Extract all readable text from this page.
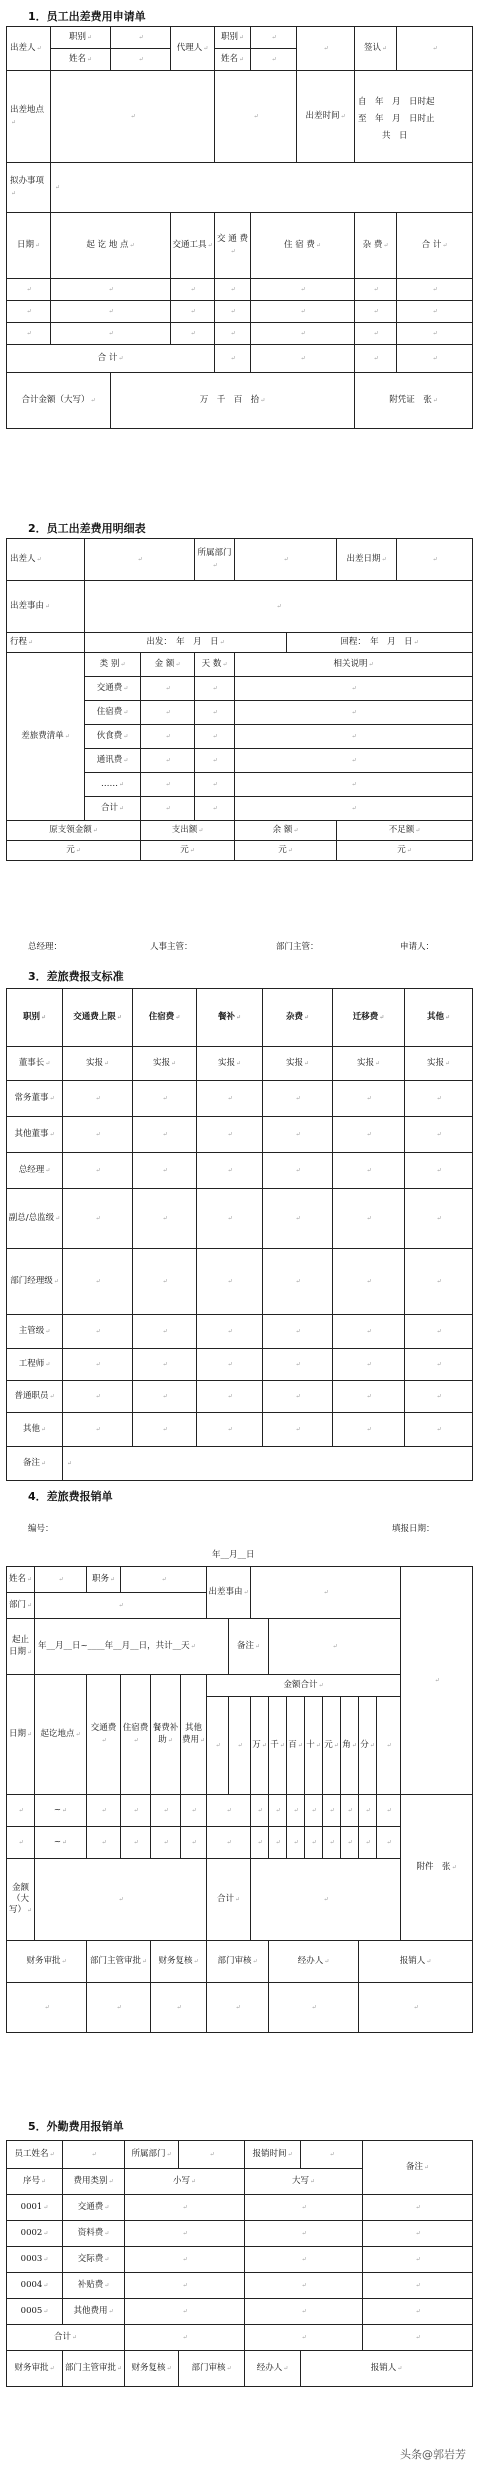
1．员工出差费用申请单
出差人 ↵	职别 ↵	↵	代理人 ↵	职别 ↵	↵	↵	签认 ↵	↵
	姓名 ↵	↵		姓名 ↵	↵
出差地点 ↵	↵	↵				出差时间 ↵	自　年　月　日时起
至　年　月　日时止
共　日	

拟办事项 ↵	↵
日期 ↵	起 讫 地 点 ↵		交通工具 ↵	交 通 费 ↵	住 宿 费 ↵		杂 费 ↵	合 计 ↵
↵	↵	↵	↵	↵	↵	↵
↵	↵	↵	↵	↵	↵	↵
↵	↵	↵	↵	↵	↵	↵
合 计 ↵	↵	↵	↵	↵
合计金额（大写） ↵		万　千　百　拾 ↵					附凭证　张 ↵
2．员工出差费用明细表
出差人 ↵	↵		所属部门 ↵	↵		出差日期 ↵	↵
出差事由 ↵	↵
行程 ↵	出发：　年　月　日 ↵				回程：　年　月　日 ↵
差旅费清单 ↵	类 别 ↵	金 额 ↵	天 数 ↵	相关说明 ↵
	交通费 ↵	↵	↵	↵
	住宿费 ↵	↵	↵	↵
	伙食费 ↵	↵	↵	↵
	通讯费 ↵	↵	↵	↵
	…… ↵	↵	↵	↵
	合计 ↵	↵	↵	↵
原支领金额 ↵		支出额 ↵		余 额 ↵		不足额 ↵
元 ↵		元 ↵		元 ↵		元 ↵
总经理：	人事主管：	部门主管：	申请人：
3．差旅费报支标准
职别 ↵	交通费上限 ↵	住宿费 ↵	餐补 ↵	杂费 ↵	迁移费 ↵	其他 ↵
董事长 ↵	实报 ↵	实报 ↵	实报 ↵	实报 ↵	实报 ↵	实报 ↵
常务董事 ↵	↵	↵	↵	↵	↵	↵
其他董事 ↵	↵	↵	↵	↵	↵	↵
总经理 ↵	↵	↵	↵	↵	↵	↵
副总/总监级 ↵	↵	↵	↵	↵	↵	↵
部门经理级 ↵	↵	↵	↵	↵	↵	↵
主管级 ↵	↵	↵	↵	↵	↵	↵
工程师 ↵	↵	↵	↵	↵	↵	↵
普通职员 ↵	↵	↵	↵	↵	↵	↵
其他 ↵	↵	↵	↵	↵	↵	↵
备注 ↵	↵
4．差旅费报销单
编号：	填报日期：
年__月__日
姓名 ↵	↵	职务 ↵	↵			出差事由 ↵	↵	↵
部门 ↵	↵
起止日期 ↵	年__月__日~____年__月__日，共计__天 ↵						备注 ↵	↵
日期 ↵	起讫地点 ↵	交通费 ↵	住宿费 ↵	餐费补助 ↵	其他费用 ↵	金额合计 ↵
↵	↵	万 ↵	千 ↵	百 ↵	十 ↵	元 ↵	角 ↵	分 ↵	↵
↵	~ ↵	↵	↵	↵	↵	↵	↵	↵	↵	↵	↵	↵	↵	↵		附件　张 ↵
↵	~ ↵	↵	↵	↵	↵	↵	↵	↵	↵	↵	↵	↵	↵	↵
金额（大写） ↵	↵					合计 ↵	↵
财务审批 ↵		部门主管审批 ↵		财务复核 ↵		部门审核 ↵			经办人 ↵					报销人 ↵
↵	↵	↵	↵	↵	↵
5．外勤费用报销单
员工姓名 ↵	↵	所属部门 ↵	↵	报销时间 ↵	↵	备注 ↵
序号 ↵	费用类别 ↵	小写 ↵		大写 ↵
0001 ↵	交通费 ↵	↵	↵	↵
0002 ↵	资料费 ↵	↵	↵	↵
0003 ↵	交际费 ↵	↵	↵	↵
0004 ↵	补贴费 ↵	↵	↵	↵
0005 ↵	其他费用 ↵	↵	↵	↵
合计 ↵	↵	↵	↵
财务审批 ↵	部门主管审批 ↵	财务复核 ↵	部门审核 ↵	经办人 ↵	报销人 ↵
头条@郭岩芳
